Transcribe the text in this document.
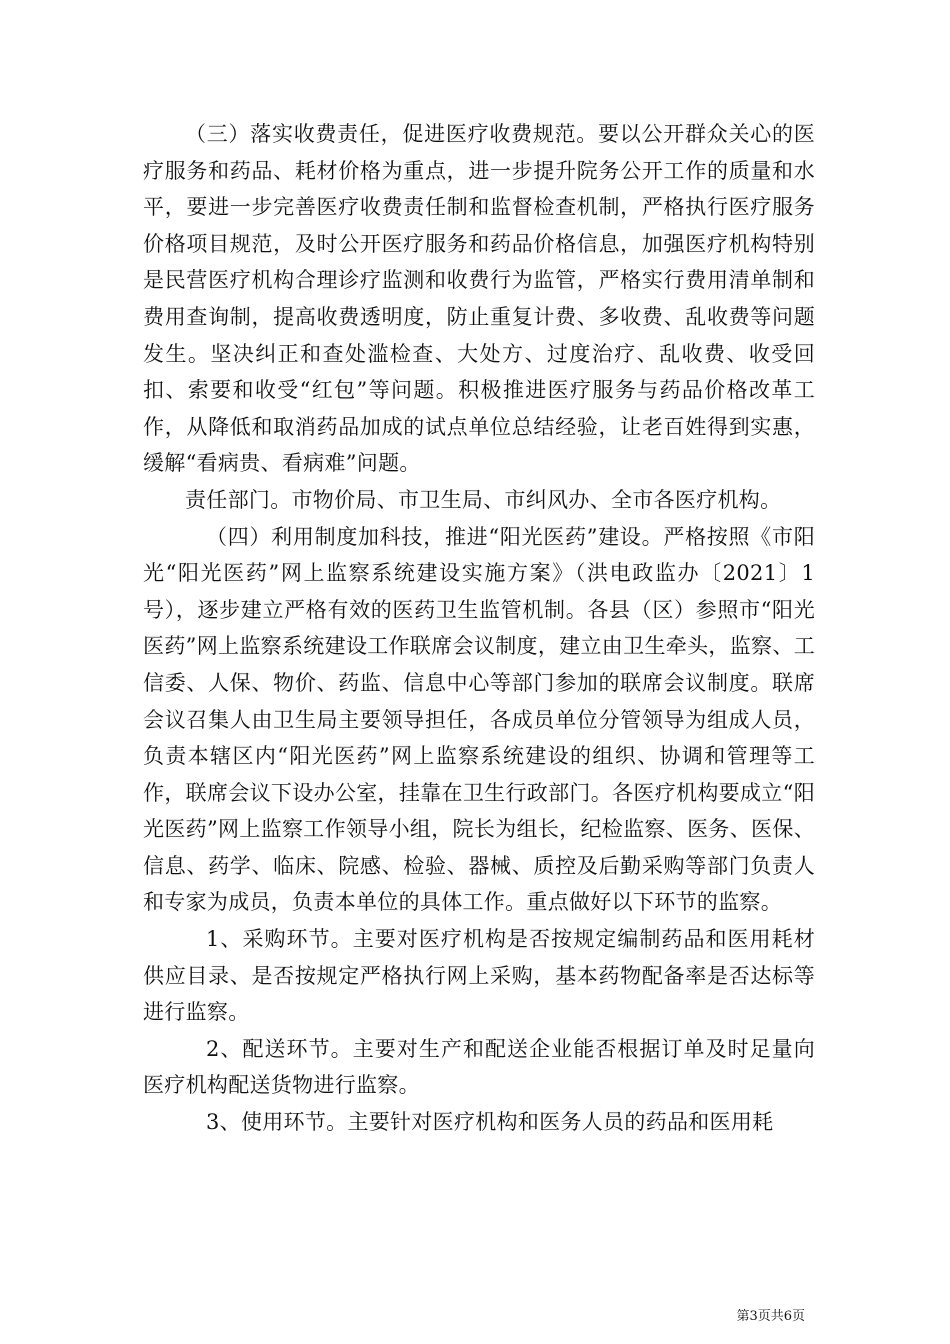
（三）落实收费责任，促进医疗收费规范。要以公开群众关心的医疗服务和药品、耗材价格为重点，进一步提升院务公开工作的质量和水平，要进一步完善医疗收费责任制和监督检查机制，严格执行医疗服务价格项目规范，及时公开医疗服务和药品价格信息，加强医疗机构特别是民营医疗机构合理诊疗监测和收费行为监管，严格实行费用清单制和费用查询制，提高收费透明度，防止重复计费、多收费、乱收费等问题发生。坚决纠正和查处滥检查、大处方、过度治疗、乱收费、收受回扣、索要和收受“红包”等问题。积极推进医疗服务与药品价格改革工作，从降低和取消药品加成的试点单位总结经验，让老百姓得到实惠，缓解“看病贵、看病难”问题。

责任部门。市物价局、市卫生局、市纠风办、全市各医疗机构。

（四）利用制度加科技，推进“阳光医药”建设。严格按照《市阳光“阳光医药”网上监察系统建设实施方案》（洪电政监办〔2021〕1号），逐步建立严格有效的医药卫生监管机制。各县（区）参照市“阳光医药”网上监察系统建设工作联席会议制度，建立由卫生牵头，监察、工信委、人保、物价、药监、信息中心等部门参加的联席会议制度。联席会议召集人由卫生局主要领导担任，各成员单位分管领导为组成人员，负责本辖区内“阳光医药”网上监察系统建设的组织、协调和管理等工作，联席会议下设办公室，挂靠在卫生行政部门。各医疗机构要成立“阳光医药”网上监察工作领导小组，院长为组长，纪检监察、医务、医保、信息、药学、临床、院感、检验、器械、质控及后勤采购等部门负责人和专家为成员，负责本单位的具体工作。重点做好以下环节的监察。

1、采购环节。主要对医疗机构是否按规定编制药品和医用耗材供应目录、是否按规定严格执行网上采购，基本药物配备率是否达标等进行监察。

2、配送环节。主要对生产和配送企业能否根据订单及时足量向医疗机构配送货物进行监察。

3、使用环节。主要针对医疗机构和医务人员的药品和医用耗

第3页共6页
